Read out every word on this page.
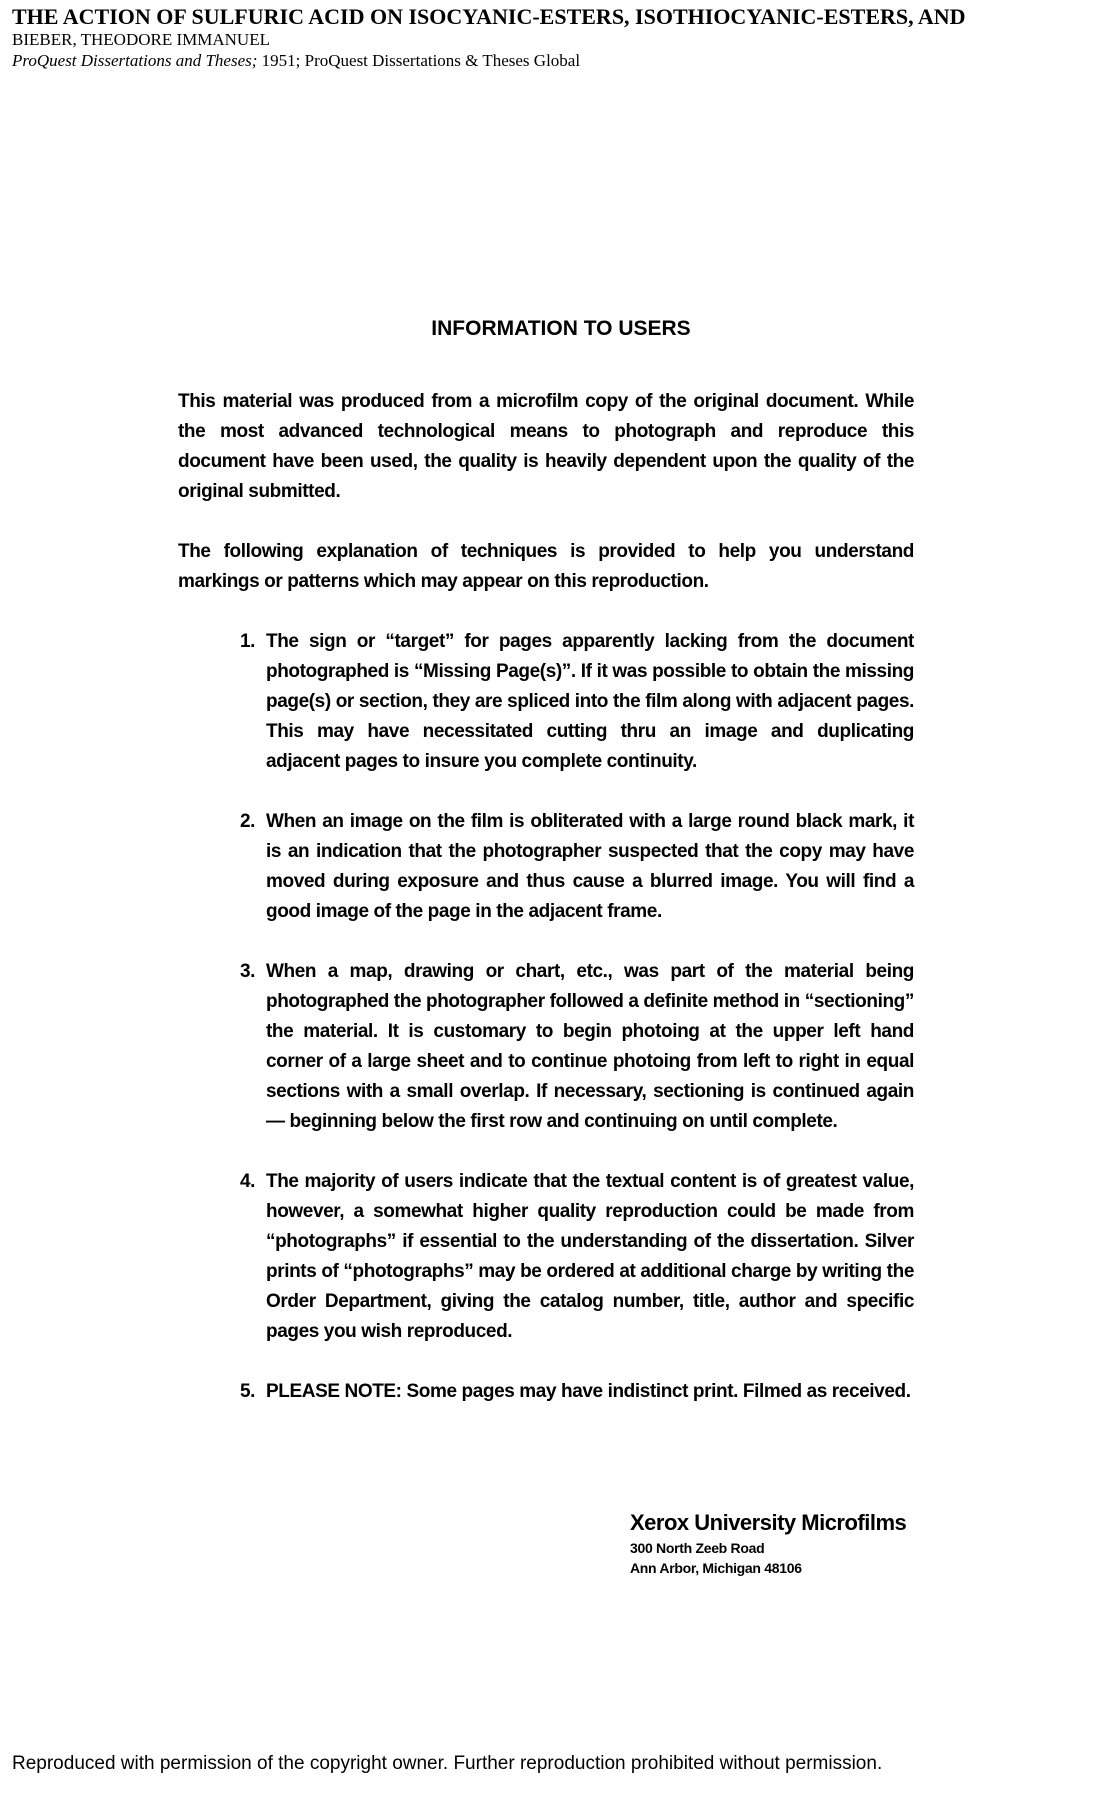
THE ACTION OF SULFURIC ACID ON ISOCYANIC-ESTERS, ISOTHIOCYANIC-ESTERS, AND
BIEBER, THEODORE IMMANUEL
ProQuest Dissertations and Theses; 1951; ProQuest Dissertations & Theses Global
INFORMATION TO USERS

This material was produced from a microfilm copy of the original document. While the most advanced technological means to photograph and reproduce this document have been used, the quality is heavily dependent upon the quality of the original submitted.

The following explanation of techniques is provided to help you understand markings or patterns which may appear on this reproduction.

1. The sign or “target” for pages apparently lacking from the document photographed is “Missing Page(s)”. If it was possible to obtain the missing page(s) or section, they are spliced into the film along with adjacent pages. This may have necessitated cutting thru an image and duplicating adjacent pages to insure you complete continuity.
2. When an image on the film is obliterated with a large round black mark, it is an indication that the photographer suspected that the copy may have moved during exposure and thus cause a blurred image. You will find a good image of the page in the adjacent frame.
3. When a map, drawing or chart, etc., was part of the material being photographed the photographer followed a definite method in “sectioning” the material. It is customary to begin photoing at the upper left hand corner of a large sheet and to continue photoing from left to right in equal sections with a small overlap. If necessary, sectioning is continued again — beginning below the first row and continuing on until complete.
4. The majority of users indicate that the textual content is of greatest value, however, a somewhat higher quality reproduction could be made from “photographs” if essential to the understanding of the dissertation. Silver prints of “photographs” may be ordered at additional charge by writing the Order Department, giving the catalog number, title, author and specific pages you wish reproduced.
5. PLEASE NOTE: Some pages may have indistinct print. Filmed as received.
Xerox University Microfilms
300 North Zeeb Road
Ann Arbor, Michigan 48106
Reproduced with permission of the copyright owner. Further reproduction prohibited without permission.
